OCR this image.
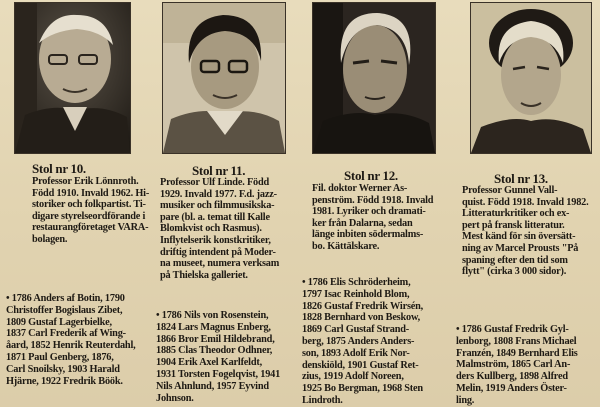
Stol nr 10.
Professor Erik Lönnroth.
Född 1910. Invald 1962. Hi-
storiker och folkpartist. Ti-
digare styrelseordförande i
restaurangföretaget VARA-
bolagen.
• 1786 Anders af Botin, 1790
Christoffer Bogislaus Zibet,
1809 Gustaf Lagerbielke,
1837 Carl Frederik af Wing-
åard, 1852 Henrik Reuterdahl,
1871 Paul Genberg, 1876,
Carl Snoilsky, 1903 Harald
Hjärne, 1922 Fredrik Böök.
Stol nr 11.
Professor Ulf Linde. Född
1929. Invald 1977. F.d. jazz-
musiker och filmmusikska-
pare (bl. a. temat till Kalle
Blomkvist och Rasmus).
Inflytelserik konstkritiker,
driftig intendent på Moder-
na museet, numera verksam
på Thielska galleriet.
• 1786 Nils von Rosenstein,
1824 Lars Magnus Enberg,
1866 Bror Emil Hildebrand,
1885 Clas Theodor Odhner,
1904 Erik Axel Karlfeldt,
1931 Torsten Fogelqvist, 1941
Nils Ahnlund, 1957 Eyvind
Johnson.
Stol nr 12.
Fil. doktor Werner As-
penström. Född 1918. Invald
1981. Lyriker och dramati-
ker från Dalarna, sedan
länge inbiten södermalms-
bo. Kättälskare.
• 1786 Elis Schröderheim,
1797 Isac Reinhold Blom,
1826 Gustaf Fredrik Wirsén,
1828 Bernhard von Beskow,
1869 Carl Gustaf Strand-
berg, 1875 Anders Anders-
son, 1893 Adolf Erik Nor-
denskiöld, 1901 Gustaf Ret-
zius, 1919 Adolf Noreen,
1925 Bo Bergman, 1968 Sten
Lindroth.
Stol nr 13.
Professor Gunnel Vall-
quist. Född 1918. Invald 1982.
Litteraturkritiker och ex-
pert på fransk litteratur.
Mest känd för sin översätt-
ning av Marcel Prousts "På
spaning efter den tid som
flytt" (cirka 3 000 sidor).
• 1786 Gustaf Fredrik Gyl-
lenborg, 1808 Frans Michael
Franzén, 1849 Bernhard Elis
Malmström, 1865 Carl An-
ders Kullberg, 1898 Alfred
Melin, 1919 Anders Öster-
ling.
